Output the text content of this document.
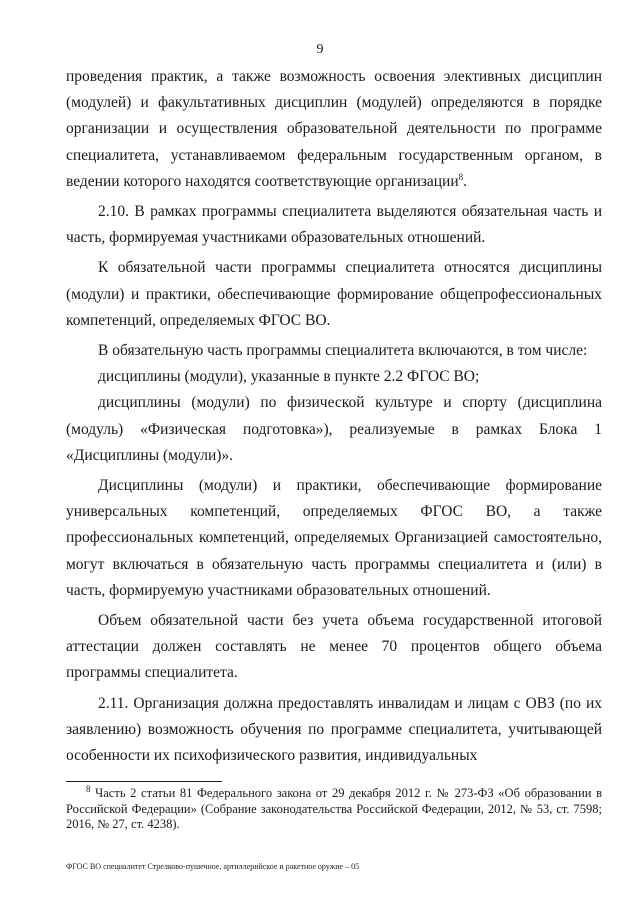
9

проведения практик, а также возможность освоения элективных дисциплин (модулей) и факультативных дисциплин (модулей) определяются в порядке организации и осуществления образовательной деятельности по программе специалитета, устанавливаемом федеральным государственным органом, в ведении которого находятся соответствующие организации$^8$.

2.10. В рамках программы специалитета выделяются обязательная часть и часть, формируемая участниками образовательных отношений.

К обязательной части программы специалитета относятся дисциплины (модули) и практики, обеспечивающие формирование общепрофессиональных компетенций, определяемых ФГОС ВО.

В обязательную часть программы специалитета включаются, в том числе:

дисциплины (модули), указанные в пункте 2.2 ФГОС ВО;

дисциплины (модули) по физической культуре и спорту (дисциплина (модуль) «Физическая подготовка»), реализуемые в рамках Блока 1 «Дисциплины (модули)».

Дисциплины (модули) и практики, обеспечивающие формирование универсальных компетенций, определяемых ФГОС ВО, а также профессиональных компетенций, определяемых Организацией самостоятельно, могут включаться в обязательную часть программы специалитета и (или) в часть, формируемую участниками образовательных отношений.

Объем обязательной части без учета объема государственной итоговой аттестации должен составлять не менее 70 процентов общего объема программы специалитета.

2.11. Организация должна предоставлять инвалидам и лицам с ОВЗ (по их заявлению) возможность обучения по программе специалитета, учитывающей особенности их психофизического развития, индивидуальных

$^8$ Часть 2 статьи 81 Федерального закона от 29 декабря 2012 г. № 273-ФЗ «Об образовании в Российской Федерации» (Собрание законодательства Российской Федерации, 2012, № 53, ст. 7598; 2016, № 27, ст. 4238).
ФГОС ВО специалитет Стрелково-пушечное, артиллерийское и ракетное оружие – 05
